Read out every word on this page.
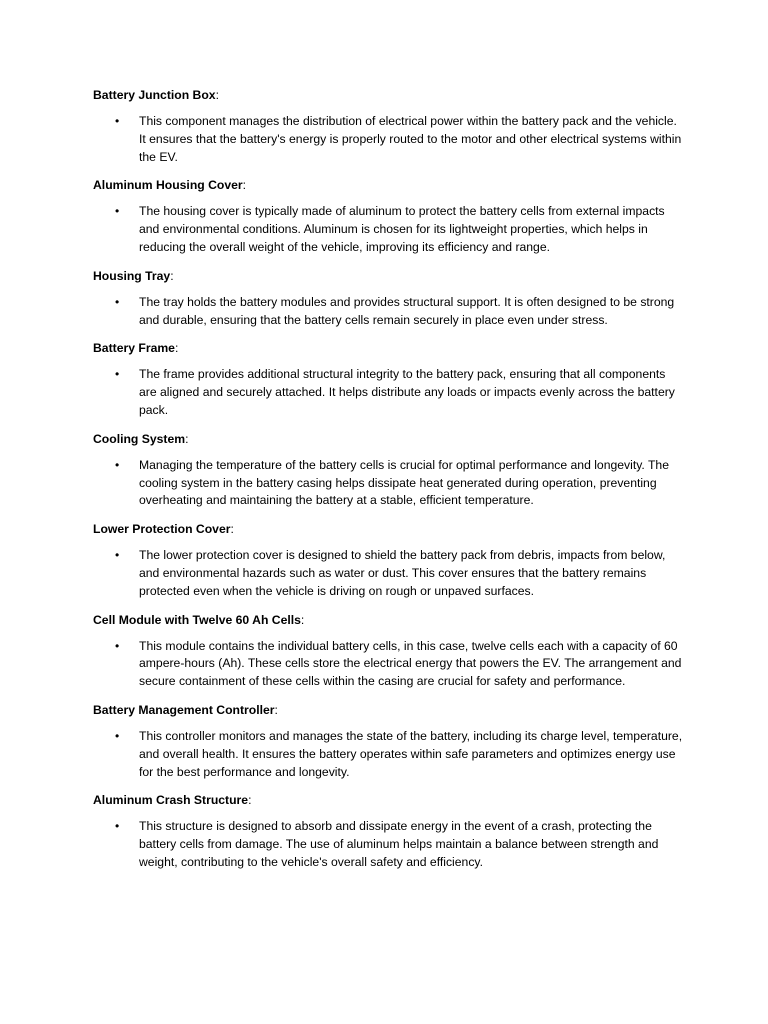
Battery Junction Box:
• This component manages the distribution of electrical power within the battery pack and the vehicle. It ensures that the battery's energy is properly routed to the motor and other electrical systems within the EV.
Aluminum Housing Cover:
• The housing cover is typically made of aluminum to protect the battery cells from external impacts and environmental conditions. Aluminum is chosen for its lightweight properties, which helps in reducing the overall weight of the vehicle, improving its efficiency and range.
Housing Tray:
• The tray holds the battery modules and provides structural support. It is often designed to be strong and durable, ensuring that the battery cells remain securely in place even under stress.
Battery Frame:
• The frame provides additional structural integrity to the battery pack, ensuring that all components are aligned and securely attached. It helps distribute any loads or impacts evenly across the battery pack.
Cooling System:
• Managing the temperature of the battery cells is crucial for optimal performance and longevity. The cooling system in the battery casing helps dissipate heat generated during operation, preventing overheating and maintaining the battery at a stable, efficient temperature.
Lower Protection Cover:
• The lower protection cover is designed to shield the battery pack from debris, impacts from below, and environmental hazards such as water or dust. This cover ensures that the battery remains protected even when the vehicle is driving on rough or unpaved surfaces.
Cell Module with Twelve 60 Ah Cells:
• This module contains the individual battery cells, in this case, twelve cells each with a capacity of 60 ampere-hours (Ah). These cells store the electrical energy that powers the EV. The arrangement and secure containment of these cells within the casing are crucial for safety and performance.
Battery Management Controller:
• This controller monitors and manages the state of the battery, including its charge level, temperature, and overall health. It ensures the battery operates within safe parameters and optimizes energy use for the best performance and longevity.
Aluminum Crash Structure:
• This structure is designed to absorb and dissipate energy in the event of a crash, protecting the battery cells from damage. The use of aluminum helps maintain a balance between strength and weight, contributing to the vehicle's overall safety and efficiency.
